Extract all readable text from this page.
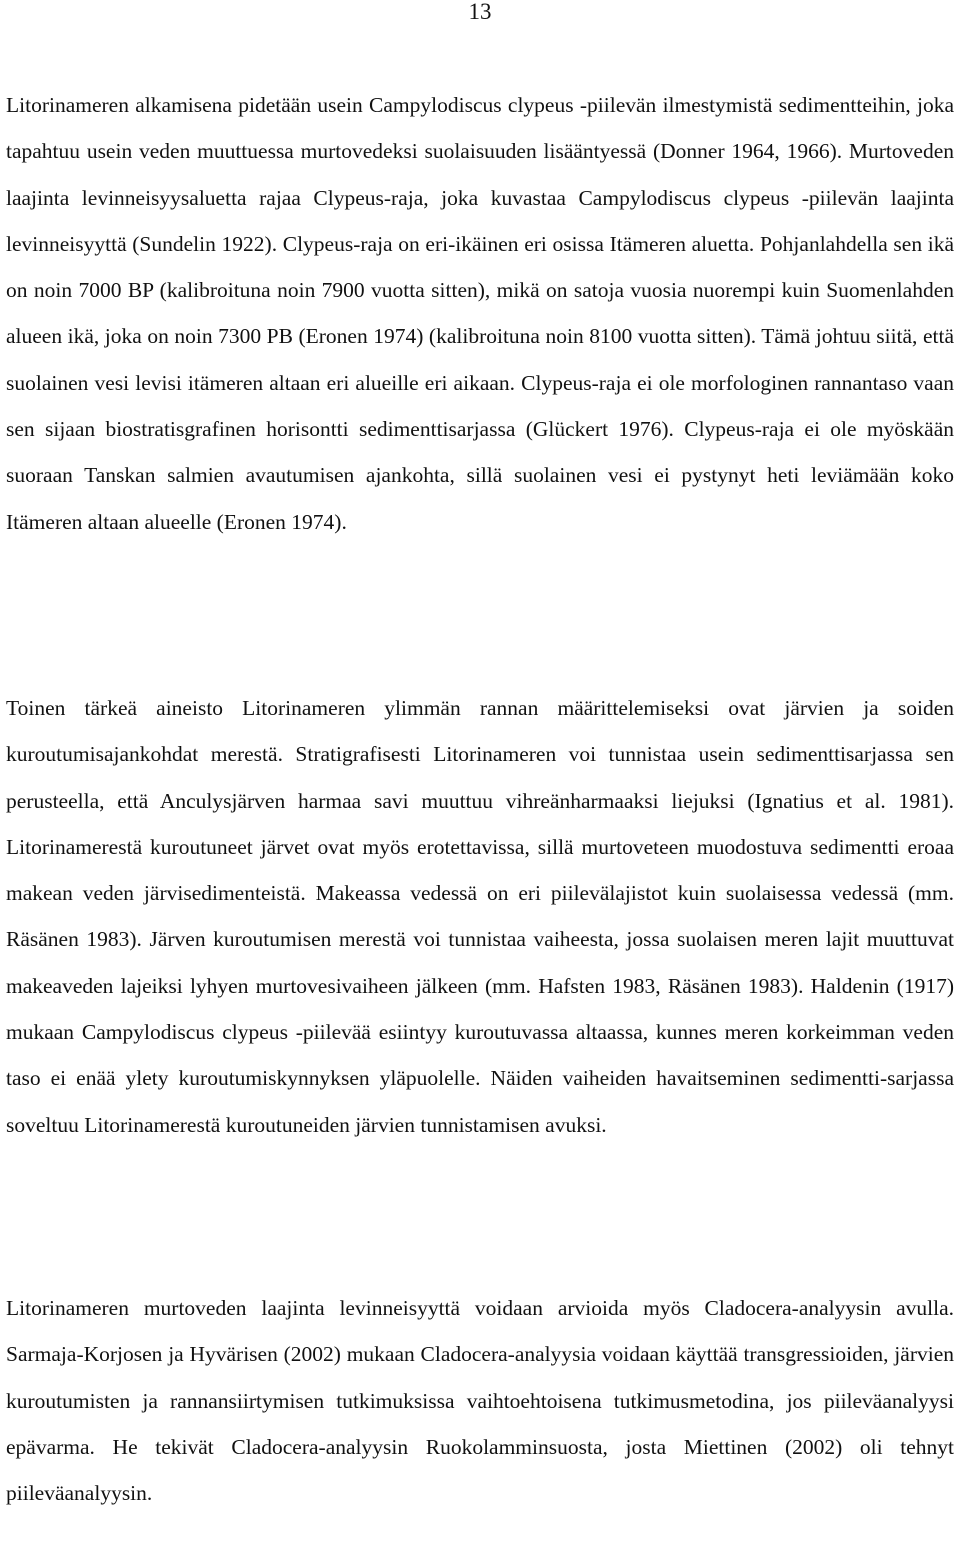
13

Litorinameren alkamisena pidetään usein Campylodiscus clypeus -piilevän ilmestymistä sedimentteihin, joka tapahtuu usein veden muuttuessa murtovedeksi suolaisuuden lisääntyessä (Donner 1964, 1966). Murtoveden laajinta levinneisyysaluetta rajaa Clypeus-raja, joka kuvastaa Campylodiscus clypeus -piilevän laajinta levinneisyyttä (Sundelin 1922). Clypeus-raja on eri-ikäinen eri osissa Itämeren aluetta. Pohjanlahdella sen ikä on noin 7000 BP (kalibroituna noin 7900 vuotta sitten), mikä on satoja vuosia nuorempi kuin Suomenlahden alueen ikä, joka on noin 7300 PB (Eronen 1974) (kalibroituna noin 8100 vuotta sitten). Tämä johtuu siitä, että suolainen vesi levisi itämeren altaan eri alueille eri aikaan. Clypeus-raja ei ole morfologinen rannantaso vaan sen sijaan biostratisgrafinen horisontti sedimenttisarjassa (Glückert 1976). Clypeus-raja ei ole myöskään suoraan Tanskan salmien avautumisen ajankohta, sillä suolainen vesi ei pystynyt heti leviämään koko Itämeren altaan alueelle (Eronen 1974).

Toinen tärkeä aineisto Litorinameren ylimmän rannan määrittelemiseksi ovat järvien ja soiden kuroutumisajankohdat merestä. Stratigrafisesti Litorinameren voi tunnistaa usein sedimenttisarjassa sen perusteella, että Anculysjärven harmaa savi muuttuu vihreänharmaaksi liejuksi (Ignatius et al. 1981). Litorinamerestä kuroutuneet järvet ovat myös erotettavissa, sillä murtoveteen muodostuva sedimentti eroaa makean veden järvisedimenteistä. Makeassa vedessä on eri piilevälajistot kuin suolaisessa vedessä (mm. Räsänen 1983). Järven kuroutumisen merestä voi tunnistaa vaiheesta, jossa suolaisen meren lajit muuttuvat makeaveden lajeiksi lyhyen murtovesivaiheen jälkeen (mm. Hafsten 1983, Räsänen 1983). Haldenin (1917) mukaan Campylodiscus clypeus -piilevää esiintyy kuroutuvassa altaassa, kunnes meren korkeimman veden taso ei enää ylety kuroutumiskynnyksen yläpuolelle. Näiden vaiheiden havaitseminen sedimentti-sarjassa soveltuu Litorinamerestä kuroutuneiden järvien tunnistamisen avuksi.

Litorinameren murtoveden laajinta levinneisyyttä voidaan arvioida myös Cladocera-analyysin avulla. Sarmaja-Korjosen ja Hyvärisen (2002) mukaan Cladocera-analyysia voidaan käyttää transgressioiden, järvien kuroutumisten ja rannansiirtymisen tutkimuksissa vaihtoehtoisena tutkimusmetodina, jos piileväanalyysi epävarma. He tekivät Cladocera-analyysin Ruokolamminsuosta, josta Miettinen (2002) oli tehnyt piileväanalyysin.
